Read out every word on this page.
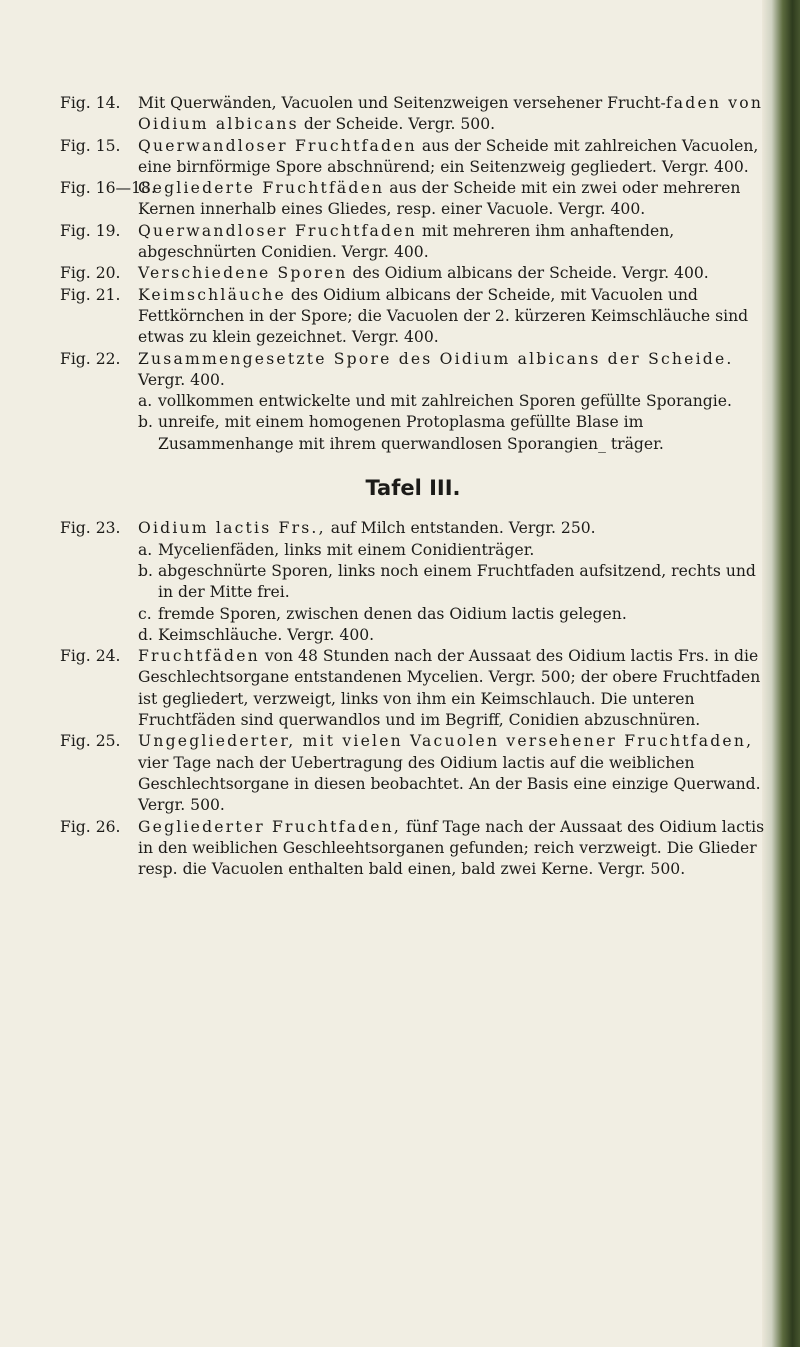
Fig. 14. Mit Querwänden, Vacuolen und Seitenzweigen versehener Frucht-faden von Oidium albicans der Scheide. Vergr. 500.

Fig. 15. Querwandloser Fruchtfaden aus der Scheide mit zahlreichen Vacuolen, eine birnförmige Spore abschnürend; ein Seitenzweig gegliedert. Vergr. 400.

Fig. 16—18.

Gegliederte Fruchtfäden aus der Scheide mit ein zwei oder mehreren Kernen innerhalb eines Gliedes, resp. einer Vacuole. Vergr. 400.

Fig. 19. Querwandloser Fruchtfaden mit mehreren ihm anhaftenden, abgeschnürten Conidien. Vergr. 400.

Fig. 20. Verschiedene Sporen des Oidium albicans der Scheide. Vergr. 400.

Fig. 21. Keimschläuche des Oidium albicans der Scheide, mit Vacuolen und Fettkörnchen in der Spore; die Vacuolen der 2. kürzeren Keimschläuche sind etwas zu klein gezeichnet. Vergr. 400.

Fig. 22. Zusammengesetzte Spore des Oidium albicans der Scheide. Vergr. 400.

a. vollkommen entwickelte und mit zahlreichen Sporen gefüllte Sporangie.
b. unreife, mit einem homogenen Protoplasma gefüllte Blase im Zusammenhange mit ihrem querwandlosen Sporangien_ träger.
Tafel III.
Fig. 23. Oidium lactis Frs., auf Milch entstanden. Vergr. 250.

a. Mycelienfäden, links mit einem Conidienträger.
b. abgeschnürte Sporen, links noch einem Fruchtfaden aufsitzend, rechts und in der Mitte frei.
c. fremde Sporen, zwischen denen das Oidium lactis gelegen.
d. Keimschläuche. Vergr. 400.
Fig. 24. Fruchtfäden von 48 Stunden nach der Aussaat des Oidium lactis Frs. in die Geschlechtsorgane entstandenen Mycelien. Vergr. 500; der obere Fruchtfaden ist gegliedert, verzweigt, links von ihm ein Keimschlauch. Die unteren Fruchtfäden sind querwandlos und im Begriff, Conidien abzuschnüren.

Fig. 25. Ungegliederter, mit vielen Vacuolen versehener Fruchtfaden, vier Tage nach der Uebertragung des Oidium lactis auf die weiblichen Geschlechtsorgane in diesen beobachtet. An der Basis eine einzige Querwand. Vergr. 500.

Fig. 26. Gegliederter Fruchtfaden, fünf Tage nach der Aussaat des Oidium lactis in den weiblichen Geschleehtsorganen gefunden; reich verzweigt. Die Glieder resp. die Vacuolen enthalten bald einen, bald zwei Kerne. Vergr. 500.
